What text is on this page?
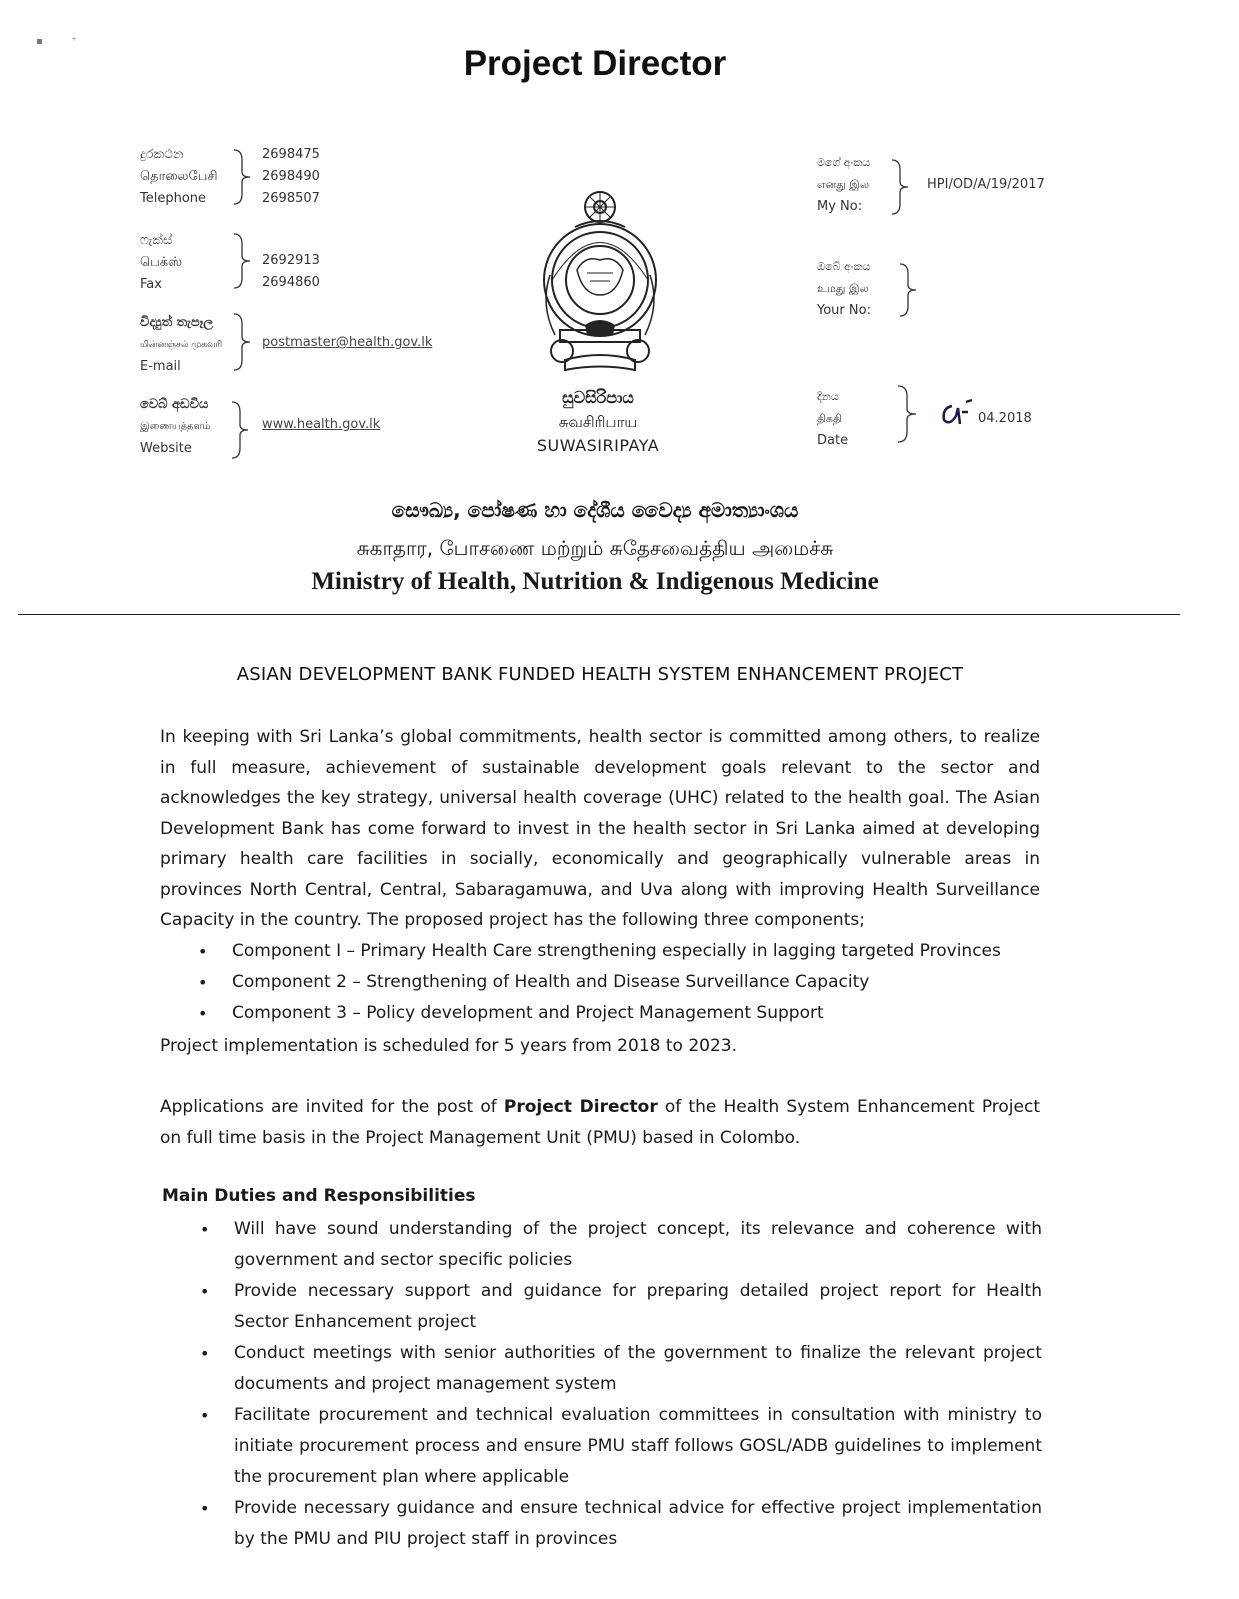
▪         ⁺
Project Director
දුරකථන
தொலைபேசி
Telephone
2698475
2698490
2698507
ෆැක්ස්
பெக்ஸ்
Fax
2692913
2694860
විද්‍යුත් තැපෑල
மின்னஞ்சல் முகவரி
E-mail
postmaster@health.gov.lk
වෙබ් අඩවිය
இணையத்தளம்
Website
www.health.gov.lk
සුවසිරිපාය
சுவசிரிபாய
SUWASIRIPAYA
මගේ අංකය
எனது இல
My No:
HPI/OD/A/19/2017
ඔබේ අංකය
உமது இல
Your No:
දිනය
திகதி
Date
04.2018
සෞඛ්‍ය, පෝෂණ හා දේශීය වෛද්‍ය අමාත්‍යාංශය
சுகாதார, போசணை மற்றும் சுதேசவைத்திய அமைச்சு
Ministry of Health, Nutrition & Indigenous Medicine
ASIAN DEVELOPMENT BANK FUNDED HEALTH SYSTEM ENHANCEMENT PROJECT
In keeping with Sri Lanka’s global commitments, health sector is committed among others, to realize in full measure, achievement of sustainable development goals relevant to the sector and acknowledges the key strategy, universal health coverage (UHC) related to the health goal. The Asian Development Bank has come forward to invest in the health sector in Sri Lanka aimed at developing primary health care facilities in socially, economically and geographically vulnerable areas in provinces North Central, Central, Sabaragamuwa, and Uva along with improving Health Surveillance Capacity in the country. The proposed project has the following three components;
• Component I – Primary Health Care strengthening especially in lagging targeted Provinces
• Component 2 – Strengthening of Health and Disease Surveillance Capacity
• Component 3 – Policy development and Project Management Support
Project implementation is scheduled for 5 years from 2018 to 2023.
Applications are invited for the post of Project Director of the Health System Enhancement Project on full time basis in the Project Management Unit (PMU) based in Colombo.
Main Duties and Responsibilities
• Will have sound understanding of the project concept, its relevance and coherence with government and sector specific policies
• Provide necessary support and guidance for preparing detailed project report for Health Sector Enhancement project
• Conduct meetings with senior authorities of the government to finalize the relevant project documents and project management system
• Facilitate procurement and technical evaluation committees in consultation with ministry to initiate procurement process and ensure PMU staff follows GOSL/ADB guidelines to implement the procurement plan where applicable
• Provide necessary guidance and ensure technical advice for effective project implementation by the PMU and PIU project staff in provinces
